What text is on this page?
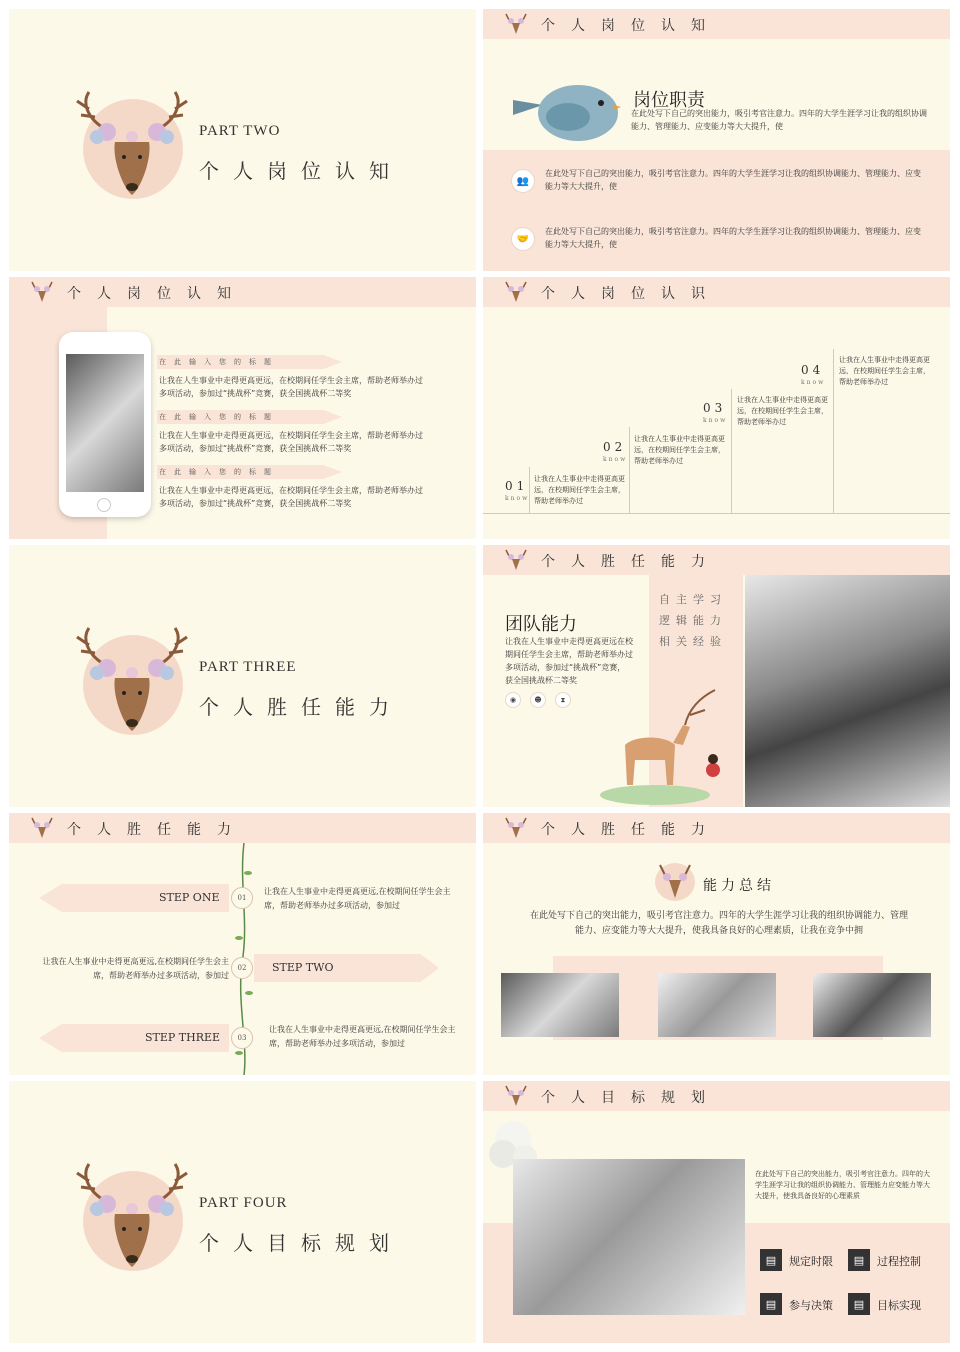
PART TWO
个人岗位认知
个人岗位认知
岗位职责
在此处写下自己的突出能力，吸引考官注意力。四年的大学生涯学习让我的组织协调能力、管理能力、应变能力等大大提升，使
👥
在此处写下自己的突出能力，吸引考官注意力。四年的大学生涯学习让我的组织协调能力、管理能力、应变能力等大大提升，使
🤝
在此处写下自己的突出能力，吸引考官注意力。四年的大学生涯学习让我的组织协调能力、管理能力、应变能力等大大提升，使
个人岗位认知
在此输入您的标题
让我在人生事业中走得更高更远，在校期间任学生会主席，帮助老师举办过多项活动，参加过“挑战杯”竞赛，获全国挑战杯二等奖
在此输入您的标题
让我在人生事业中走得更高更远，在校期间任学生会主席，帮助老师举办过多项活动，参加过“挑战杯”竞赛，获全国挑战杯二等奖
在此输入您的标题
让我在人生事业中走得更高更远，在校期间任学生会主席，帮助老师举办过多项活动，参加过“挑战杯”竞赛，获全国挑战杯二等奖
个人岗位认识
01
know
让我在人生事业中走得更高更远，在校期间任学生会主席，帮助老师举办过
02
know
让我在人生事业中走得更高更远，在校期间任学生会主席，帮助老师举办过
03
know
让我在人生事业中走得更高更远，在校期间任学生会主席，帮助老师举办过
04
know
让我在人生事业中走得更高更远，在校期间任学生会主席，帮助老师举办过
PART THREE
个人胜任能力
个人胜任能力
自主学习
逻辑能力
相关经验
团队能力
让我在人生事业中走得更高更远在校期间任学生会主席，帮助老师举办过多项活动，参加过“挑战杯”竞赛，获全国挑战杯二等奖
◉	☻	⧗
个人胜任能力
STEP ONE	01
让我在人生事业中走得更高更远,在校期间任学生会主席，帮助老师举办过多项活动，参加过
STEP TWO
02
让我在人生事业中走得更高更远,在校期间任学生会主席，帮助老师举办过多项活动，参加过
STEP THREE	03
让我在人生事业中走得更高更远,在校期间任学生会主席，帮助老师举办过多项活动，参加过
个人胜任能力
能力总结
在此处写下自己的突出能力，吸引考官注意力。四年的大学生涯学习让我的组织协调能力、管理能力、应变能力等大大提升，使我具备良好的心理素质，让我在竞争中拥
PART FOUR
个人目标规划
个人目标规划
在此处写下自己的突出能力，吸引考官注意力。四年的大学生涯学习让我的组织协调能力、管理能力应变能力等大大提升，使我具备良好的心理素质
▤	规定时限	▤	过程控制
▤	参与决策	▤	目标实现
